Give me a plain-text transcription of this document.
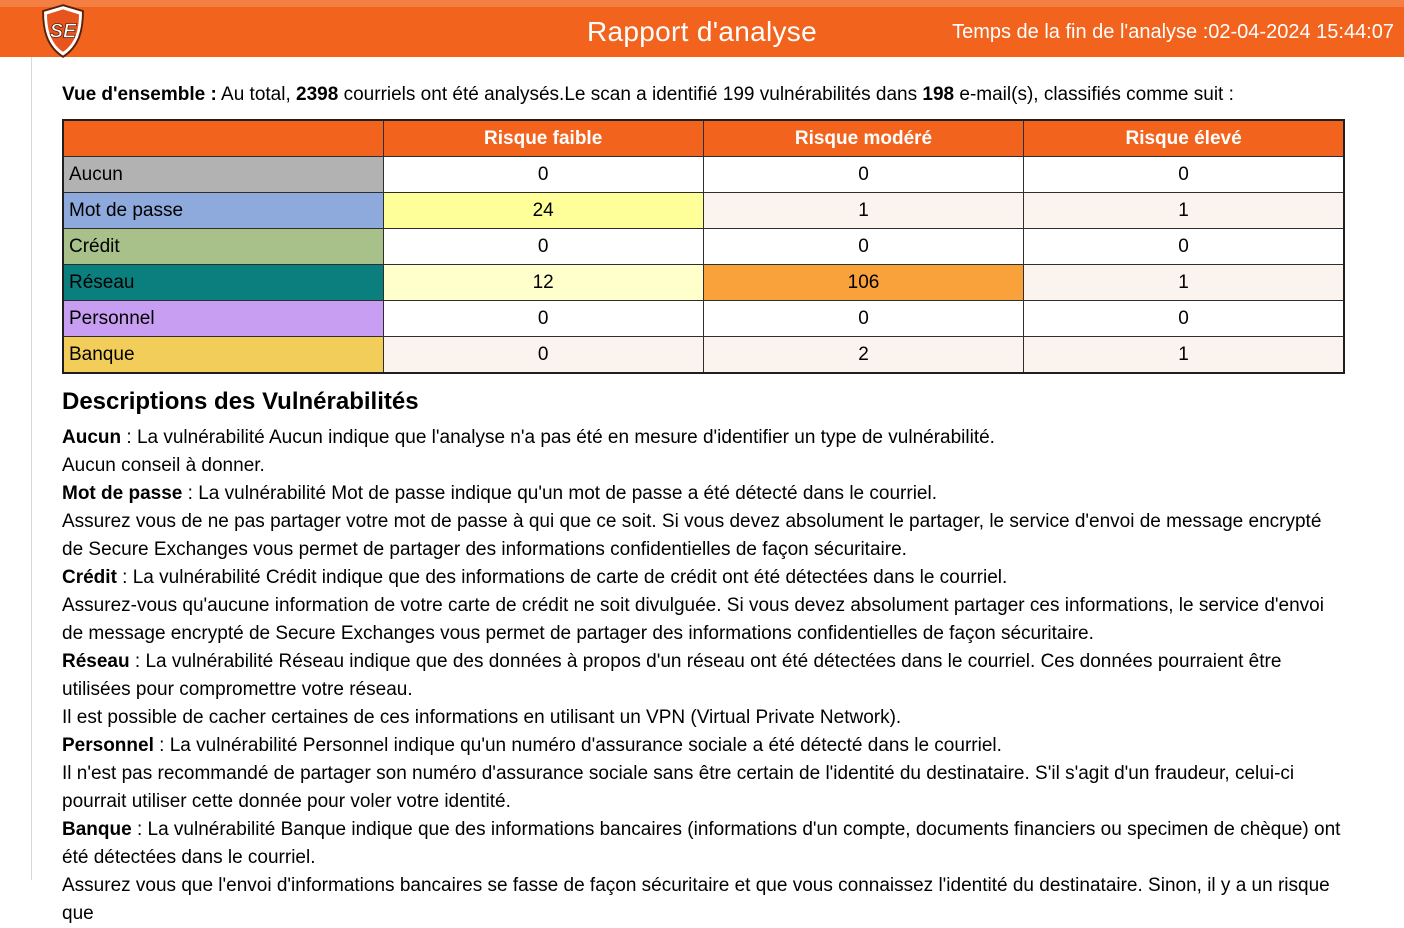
SE	Rapport d'analyse	Temps de la fin de l'analyse :02-04-2024 15:44:07

Vue d'ensemble : Au total, 2398 courriels ont été analysés.Le scan a identifié 199 vulnérabilités dans 198 e-mail(s), classifiés comme suit :

	Risque faible	Risque modéré	Risque élevé
Aucun	0	0	0
Mot de passe	24	1	1
Crédit	0	0	0
Réseau	12	106	1
Personnel	0	0	0
Banque	0	2	1
Descriptions des Vulnérabilités

Aucun : La vulnérabilité Aucun indique que l'analyse n'a pas été en mesure d'identifier un type de vulnérabilité.

Aucun conseil à donner.

Mot de passe : La vulnérabilité Mot de passe indique qu'un mot de passe a été détecté dans le courriel.

Assurez vous de ne pas partager votre mot de passe à qui que ce soit. Si vous devez absolument le partager, le service d'envoi de message encrypté de Secure Exchanges vous permet de partager des informations confidentielles de façon sécuritaire.

Crédit : La vulnérabilité Crédit indique que des informations de carte de crédit ont été détectées dans le courriel.

Assurez-vous qu'aucune information de votre carte de crédit ne soit divulguée. Si vous devez absolument partager ces informations, le service d'envoi de message encrypté de Secure Exchanges vous permet de partager des informations confidentielles de façon sécuritaire.

Réseau : La vulnérabilité Réseau indique que des données à propos d'un réseau ont été détectées dans le courriel. Ces données pourraient être utilisées pour compromettre votre réseau.

Il est possible de cacher certaines de ces informations en utilisant un VPN (Virtual Private Network).

Personnel : La vulnérabilité Personnel indique qu'un numéro d'assurance sociale a été détecté dans le courriel.

Il n'est pas recommandé de partager son numéro d'assurance sociale sans être certain de l'identité du destinataire. S'il s'agit d'un fraudeur, celui-ci pourrait utiliser cette donnée pour voler votre identité.

Banque : La vulnérabilité Banque indique que des informations bancaires (informations d'un compte, documents financiers ou specimen de chèque) ont été détectées dans le courriel.

Assurez vous que l'envoi d'informations bancaires se fasse de façon sécuritaire et que vous connaissez l'identité du destinataire. Sinon, il y a un risque que
